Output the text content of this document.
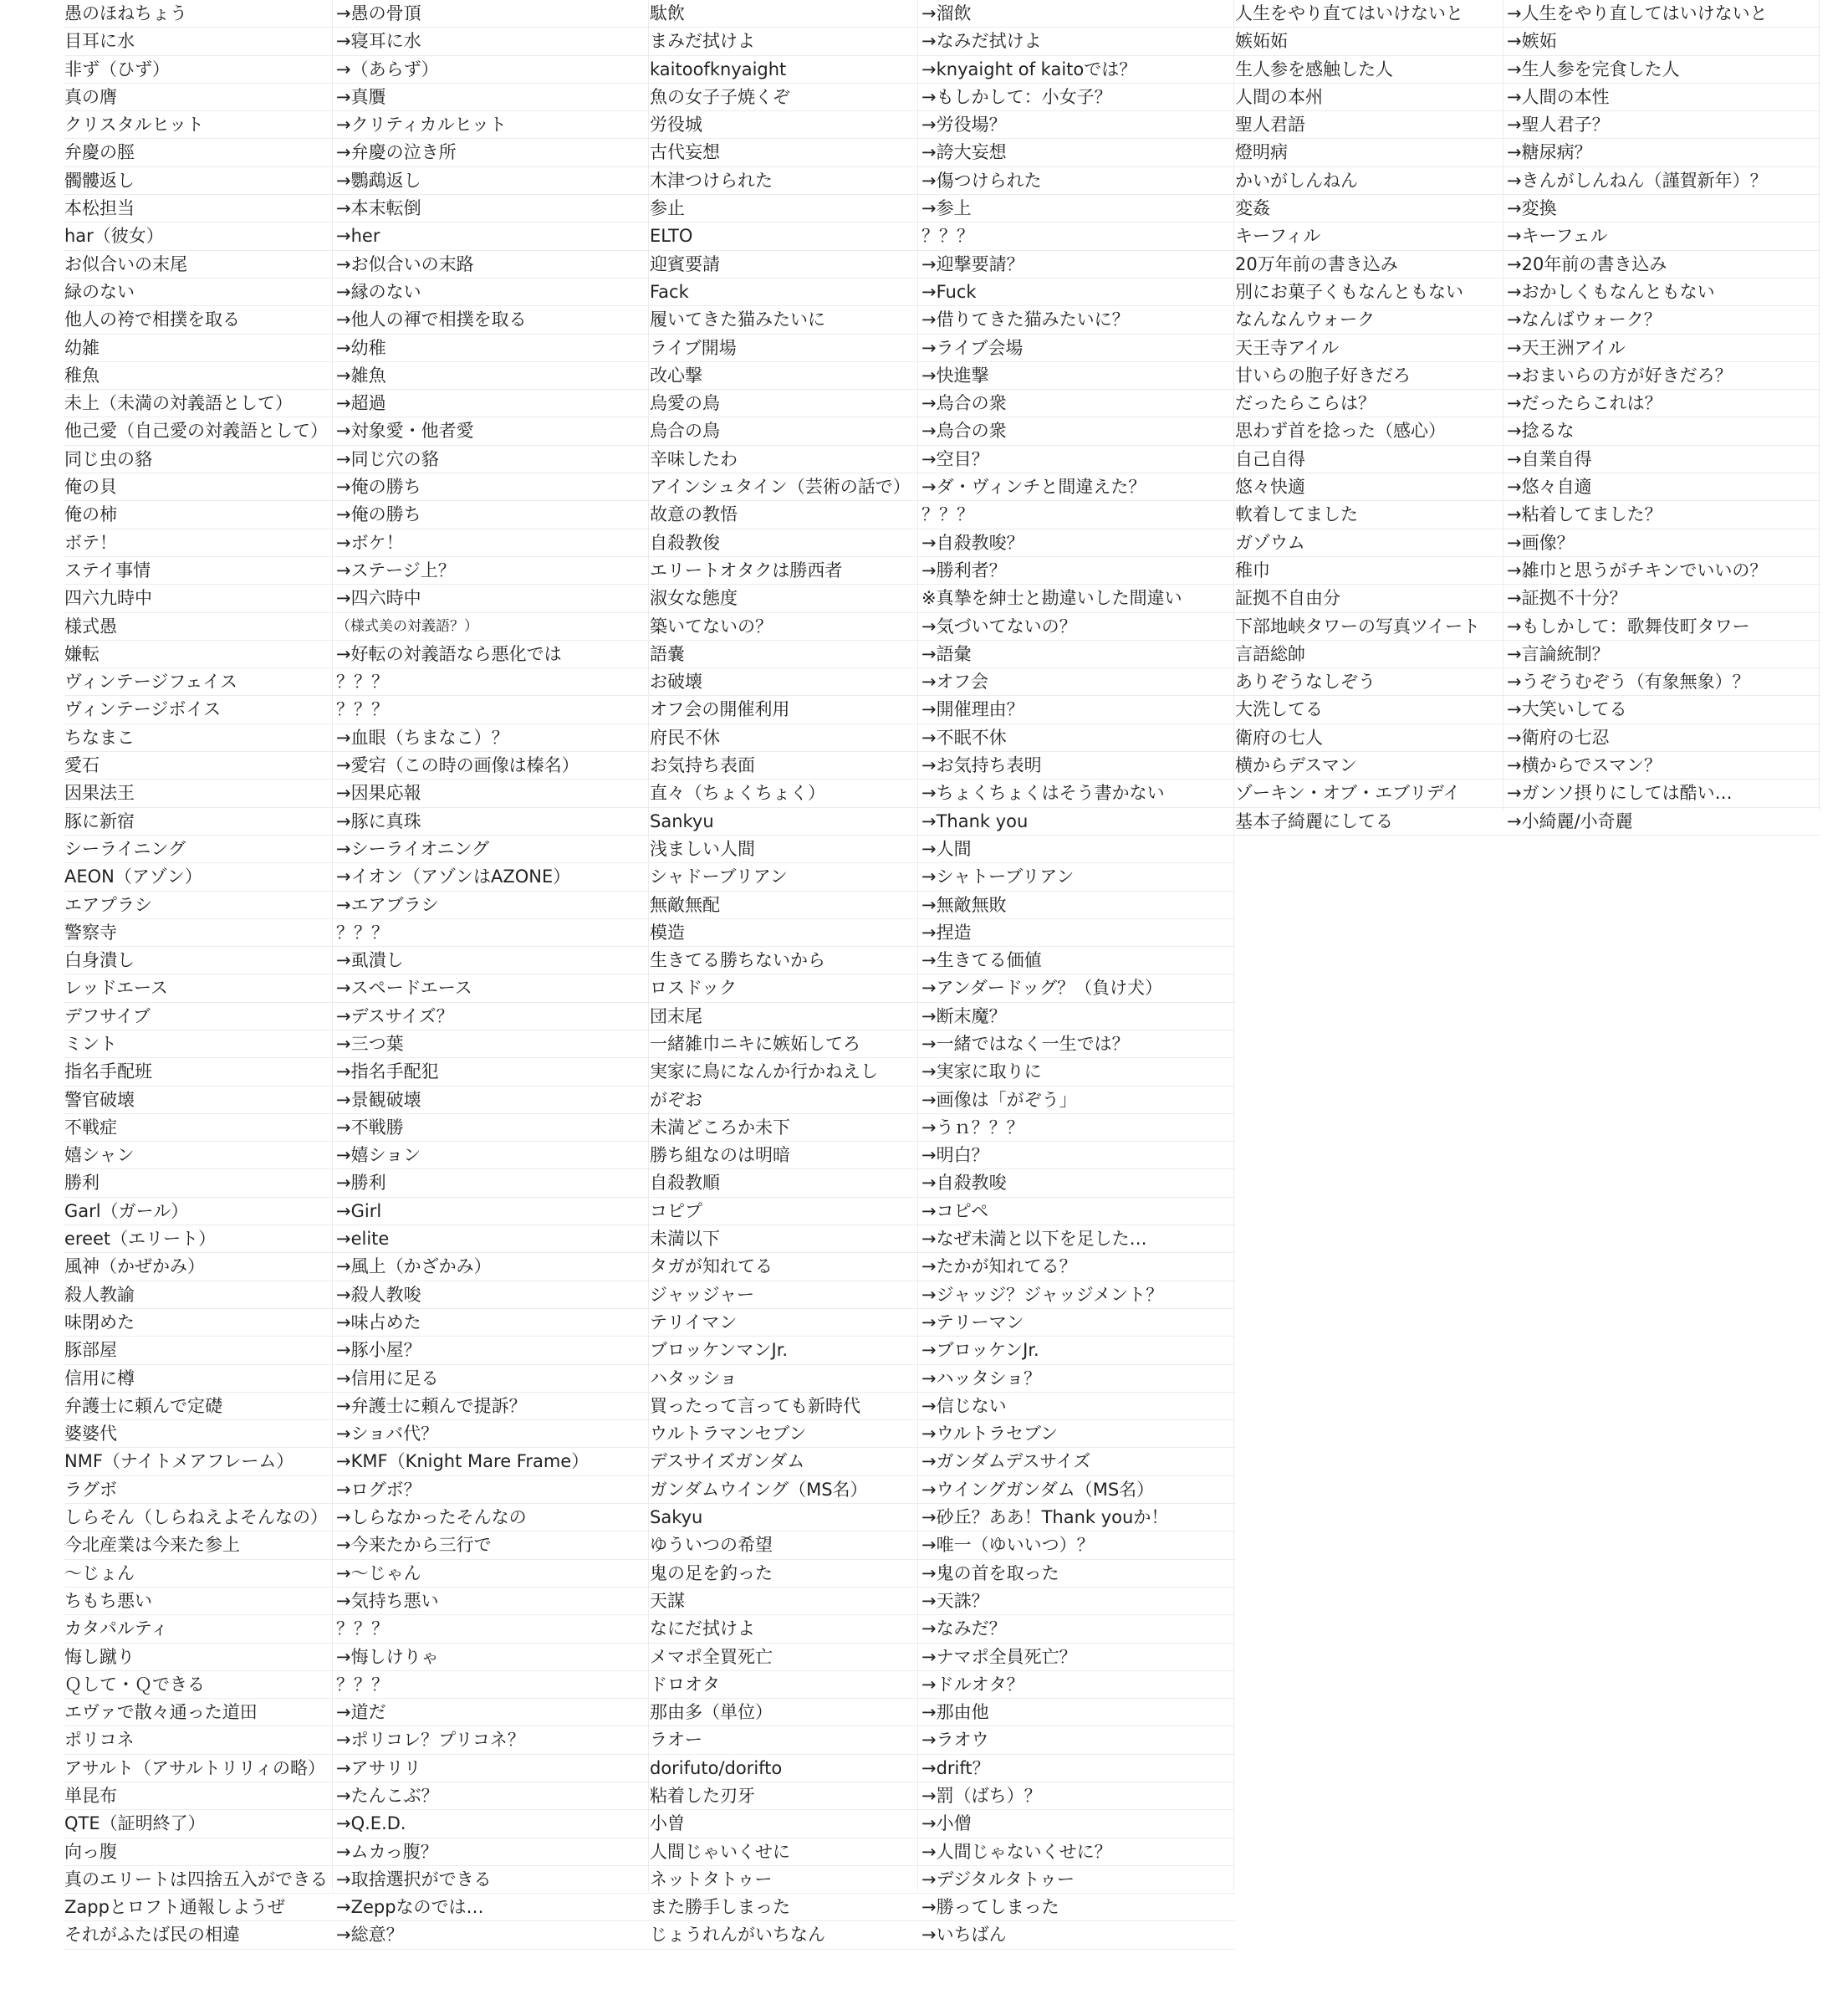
愚のほねちょう	→愚の骨頂
目耳に水	→寝耳に水
非ず（ひず）	→（あらず）
真の膺	→真贋
クリスタルヒット	→クリティカルヒット
弁慶の脛	→弁慶の泣き所
髑髏返し	→鸚鵡返し
本松担当	→本末転倒
har（彼女）	→her
お似合いの末尾	→お似合いの末路
緑のない	→縁のない
他人の袴で相撲を取る	→他人の褌で相撲を取る
幼雑	→幼稚
稚魚	→雑魚
未上（未満の対義語として）	→超過
他己愛（自己愛の対義語として） →対象愛・他者愛
同じ虫の貉	→同じ穴の貉
俺の貝	→俺の勝ち
俺の柿	→俺の勝ち
ボテ！	→ボケ！
ステイ事情	→ステージ上？
四六九時中	→四六時中
様式愚	（様式美の対義語？）
嫌転	→好転の対義語なら悪化では
ヴィンテージフェイス	？？？
ヴィンテージボイス	？？？
ちなまこ	→血眼（ちまなこ）？
愛石	→愛宕（この時の画像は榛名）
因果法王	→因果応報
豚に新宿	→豚に真珠
シーライニング	→シーライオニング
AEON（アゾン）	→イオン（アゾンはAZONE）
エアプラシ	→エアブラシ
警察寺	？？？
白身潰し	→虱潰し
レッドエース	→スペードエース
デフサイブ	→デスサイズ？
ミント	→三つ葉
指名手配班	→指名手配犯
警官破壊	→景観破壊
不戦症	→不戦勝
嬉シャン	→嬉ション
勝利	→勝利
Garl（ガール）	→Girl
ereet（エリート）	→elite
風神（かぜかみ）	→風上（かざかみ）
殺人教諭	→殺人教唆
味閉めた	→味占めた
豚部屋	→豚小屋？
信用に樽	→信用に足る
弁護士に頼んで定礎	→弁護士に頼んで提訴？
婆婆代	→ショバ代？
NMF（ナイトメアフレーム）	→KMF（Knight Mare Frame）
ラグボ	→ログボ？
しらそん（しらねえよそんなの） →しらなかったそんなの
今北産業は今来た参上	→今来たから三行で
〜じょん	→〜じゃん
ちもち悪い	→気持ち悪い
カタパルティ	？？？
悔し蹴り	→悔しけりゃ
Ｑして・Ｑできる	？？？
エヴァで散々通った道田	→道だ
ポリコネ	→ポリコレ？プリコネ？
アサルト（アサルトリリィの略） →アサリリ
単昆布	→たんこぶ？
QTE（証明終了）	→Q.E.D.
向っ腹	→ムカっ腹？
真のエリートは四捨五入ができる →取捨選択ができる
Zappとロフト通報しようぜ	→Zeppなのでは…
それがふたば民の相違	→総意？
駄飲	→溜飲
まみだ拭けよ	→なみだ拭けよ
kaitoofknyaight	→knyaight of kaitoでは？
魚の女子子焼くぞ	→もしかして：小女子？
労役城	→労役場？
古代妄想	→誇大妄想
木津つけられた	→傷つけられた
参止	→参上
ELTO	？？？
迎賓要請	→迎撃要請？
Fack	→Fuck
履いてきた猫みたいに	→借りてきた猫みたいに？
ライブ開場	→ライブ会場
改心撃	→快進撃
烏愛の鳥	→烏合の衆
烏合の鳥	→烏合の衆
辛味したわ	→空目？
アインシュタイン（芸術の話で） →ダ・ヴィンチと間違えた？
故意の教悟	？？？
自殺教俊	→自殺教唆？
エリートオタクは勝西者	→勝利者？
淑女な態度	※真摯を紳士と勘違いした間違い
築いてないの？	→気づいてないの？
語嚢	→語彙
お破壊	→オフ会
オフ会の開催利用	→開催理由？
府民不休	→不眠不休
お気持ち表面	→お気持ち表明
直々（ちょくちょく）	→ちょくちょくはそう書かない
Sankyu	→Thank you
浅ましい人間	→人間
シャドーブリアン	→シャトーブリアン
無敵無配	→無敵無敗
模造	→捏造
生きてる勝ちないから	→生きてる価値
ロスドック	→アンダードッグ？（負け犬）
団末尾	→断末魔？
一緒雑巾ニキに嫉妬してろ	→一緒ではなく一生では？
実家に鳥になんか行かねえし	→実家に取りに
がぞお	→画像は「がぞう」
未満どころか未下	→うｎ？？？
勝ち組なのは明暗	→明白？
自殺教順	→自殺教唆
コピプ	→コピペ
未満以下	→なぜ未満と以下を足した…
タガが知れてる	→たかが知れてる？
ジャッジャー	→ジャッジ？ジャッジメント？
テリイマン	→テリーマン
ブロッケンマンJr.	→ブロッケンJr.
ハタッショ	→ハッタショ？
買ったって言っても新時代	→信じない
ウルトラマンセブン	→ウルトラセブン
デスサイズガンダム	→ガンダムデスサイズ
ガンダムウイング（MS名）	→ウイングガンダム（MS名）
Sakyu	→砂丘？ああ！Thank youか！
ゆういつの希望	→唯一（ゆいいつ）？
鬼の足を釣った	→鬼の首を取った
天謀	→天誅？
なにだ拭けよ	→なみだ？
メマポ全買死亡	→ナマポ全員死亡？
ドロオタ	→ドルオタ？
那由多（単位）	→那由他
ラオー	→ラオウ
dorifuto/dorifto	→drift？
粘着した刃牙	→罰（ばち）？
小曽	→小僧
人間じゃいくせに	→人間じゃないくせに？
ネットタトゥー	→デジタルタトゥー
また勝手しまった	→勝ってしまった
じょうれんがいちなん	→いちばん
人生をやり直てはいけないと	→人生をやり直してはいけないと
嫉妬妬	→嫉妬
生人参を感触した人	→生人参を完食した人
人間の本州	→人間の本性
聖人君語	→聖人君子？
燈明病	→糖尿病？
かいがしんねん	→きんがしんねん（謹賀新年）？
変姦	→変換
キーフィル	→キーフェル
20万年前の書き込み	→20年前の書き込み
別にお菓子くもなんともない	→おかしくもなんともない
なんなんウォーク	→なんばウォーク？
天王寺アイル	→天王洲アイル
甘いらの胞子好きだろ	→おまいらの方が好きだろ？
だったらこらは？	→だったらこれは？
思わず首を捻った（感心）	→捻るな
自己自得	→自業自得
悠々快適	→悠々自適
軟着してました	→粘着してました？
ガゾウム	→画像？
稚巾	→雑巾と思うがチキンでいいの？
証拠不自由分	→証拠不十分？
下部地峡タワーの写真ツイート	→もしかして：歌舞伎町タワー
言語総帥	→言論統制？
ありぞうなしぞう	→うぞうむぞう（有象無象）？
大洗してる	→大笑いしてる
衛府の七人	→衛府の七忍
横からデスマン	→横からでスマン？
ゾーキン・オブ・エブリデイ	→ガンソ摂りにしては酷い…
基本子綺麗にしてる	→小綺麗/小奇麗
